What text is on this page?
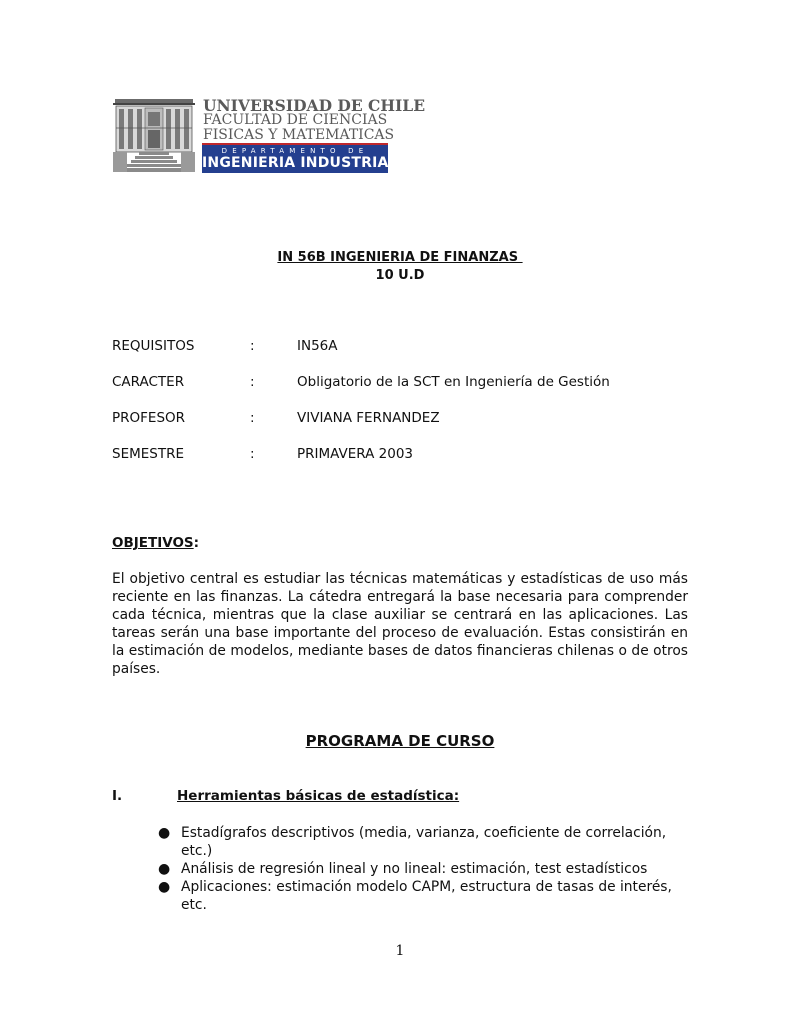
UNIVERSIDAD DE CHILE
FACULTAD DE CIENCIAS
FISICAS Y MATEMATICAS
DEPARTAMENTO DE
INGENIERIA INDUSTRIAL
IN 56B INGENIERIA DE FINANZAS
10 U.D
REQUISITOS	:	IN56A
CARACTER	:	Obligatorio de la SCT en Ingeniería de Gestión
PROFESOR	:	VIVIANA FERNANDEZ
SEMESTRE	:	PRIMAVERA 2003
OBJETIVOS:
El objetivo central es estudiar las técnicas matemáticas y estadísticas de uso más reciente en las finanzas. La cátedra entregará la base necesaria para comprender cada técnica, mientras que la clase auxiliar se centrará en las aplicaciones. Las tareas serán una base importante del proceso de evaluación. Estas consistirán en la estimación de modelos, mediante bases de datos financieras chilenas o de otros países.
PROGRAMA DE CURSO
I.	Herramientas básicas de estadística:
● Estadígrafos descriptivos (media, varianza, coeficiente de correlación, etc.)
● Análisis de regresión lineal y no lineal: estimación, test estadísticos
● Aplicaciones: estimación modelo CAPM, estructura de tasas de interés, etc.
1
